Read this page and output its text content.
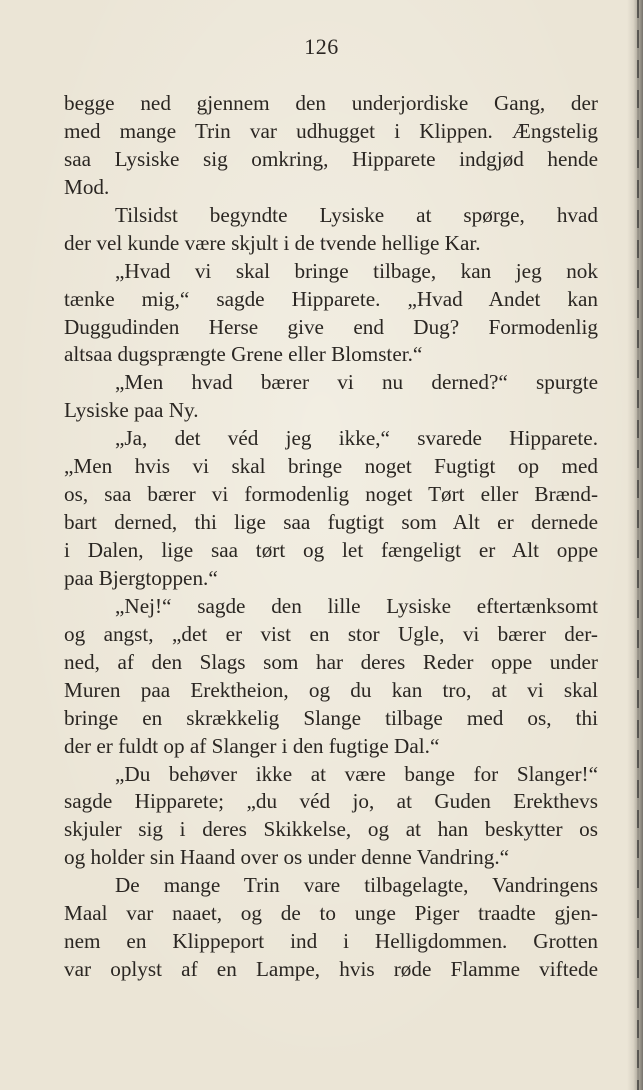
126
begge ned gjennem den underjordiske Gang, der
med mange Trin var udhugget i Klippen. Ængstelig
saa Lysiske sig omkring, Hipparete indgjød hende
Mod.
Tilsidst begyndte Lysiske at spørge, hvad
der vel kunde være skjult i de tvende hellige Kar.
„Hvad vi skal bringe tilbage, kan jeg nok
tænke mig,“ sagde Hipparete. „Hvad Andet kan
Duggudinden Herse give end Dug? Formodenlig
altsaa dugsprængte Grene eller Blomster.“
„Men hvad bærer vi nu derned?“ spurgte
Lysiske paa Ny.
„Ja, det véd jeg ikke,“ svarede Hipparete.
„Men hvis vi skal bringe noget Fugtigt op med
os, saa bærer vi formodenlig noget Tørt eller Brænd-
bart derned, thi lige saa fugtigt som Alt er dernede
i Dalen, lige saa tørt og let fængeligt er Alt oppe
paa Bjergtoppen.“
„Nej!“ sagde den lille Lysiske eftertænksomt
og angst, „det er vist en stor Ugle, vi bærer der-
ned, af den Slags som har deres Reder oppe under
Muren paa Erektheion, og du kan tro, at vi skal
bringe en skrækkelig Slange tilbage med os, thi
der er fuldt op af Slanger i den fugtige Dal.“
„Du behøver ikke at være bange for Slanger!“
sagde Hipparete; „du véd jo, at Guden Erekthevs
skjuler sig i deres Skikkelse, og at han beskytter os
og holder sin Haand over os under denne Vandring.“
De mange Trin vare tilbagelagte, Vandringens
Maal var naaet, og de to unge Piger traadte gjen-
nem en Klippeport ind i Helligdommen. Grotten
var oplyst af en Lampe, hvis røde Flamme viftede
